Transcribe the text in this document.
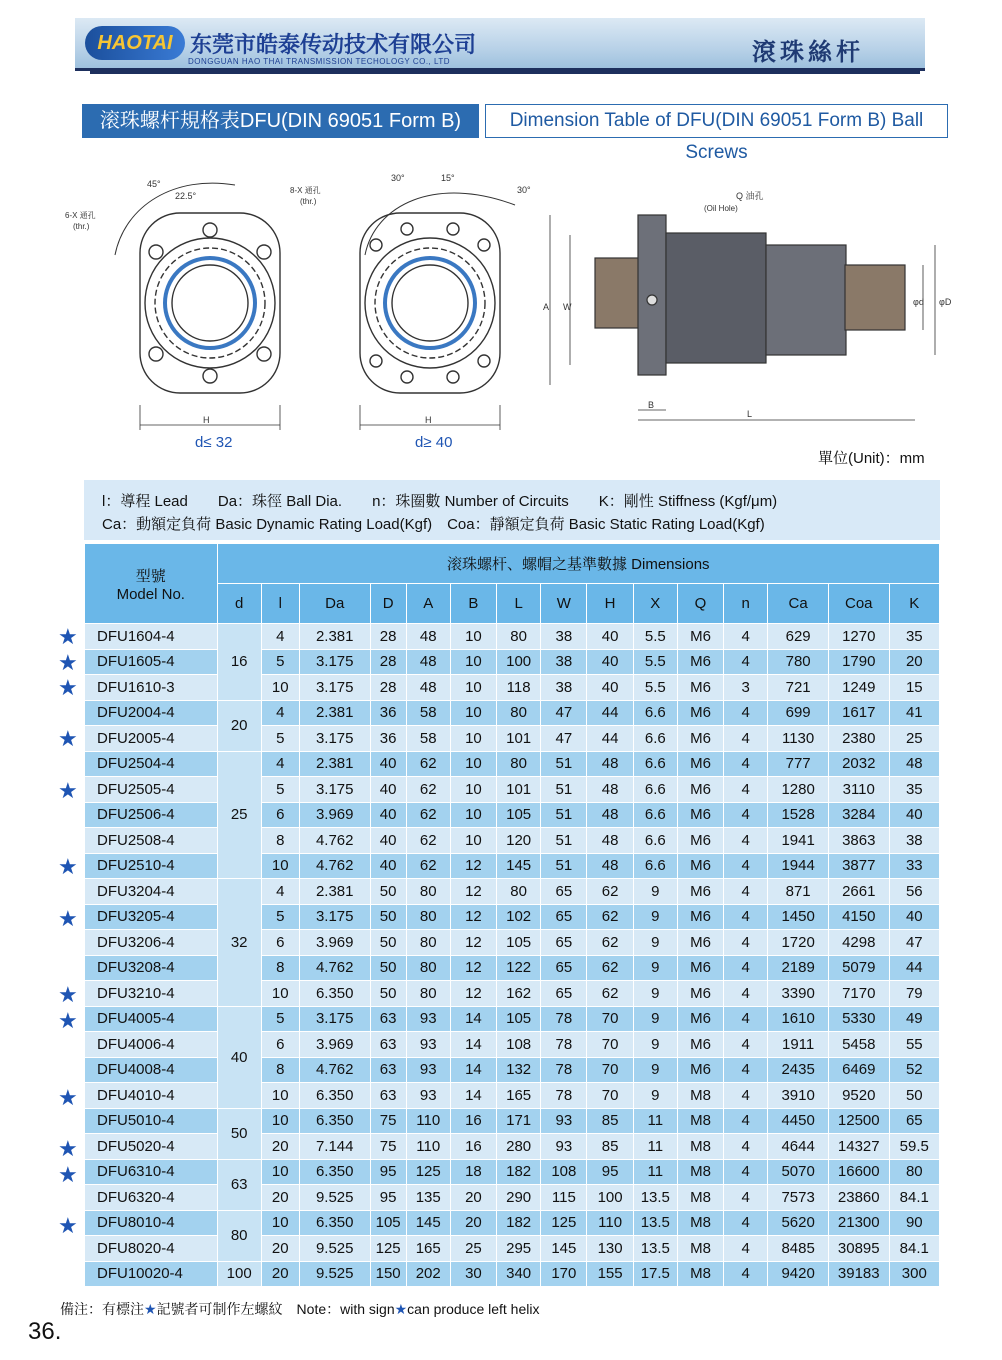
HAOTAI 东莞市皓泰传动技术有限公司
DONGGUAN HAO THAI TRANSMISSION TECHOLOGY CO., LTD	滾珠絲杆
滚珠螺杆規格表DFU(DIN 69051 Form B)	Dimension Table of DFU(DIN 69051 Form B) Ball Screws
6-X 通孔
(thr.)
45°
22.5°
H
d≤ 32
8-X 通孔
(thr.)
30°	15°
30°
H
d≥ 40
Q 油孔
(Oil Hole)
A W	φd φD
B
L
單位(Unit)：mm
l：導程 Lead　　Da：珠徑 Ball Dia.　　n：珠圈數 Number of Circuits　　K：剛性 Stiffness (Kgf/μm)
Ca：動額定負荷 Basic Dynamic Rating Load(Kgf)　Coa：靜額定負荷 Basic Static Rating Load(Kgf)
型號
Model No.	滚珠螺杆、螺帽之基準數據 Dimensions														
	d	l	Da	D	A	B	L	W	H	X	Q	n	Ca	Coa	K
DFU1604-4	16	4	2.381	28	48	10	80	38	40	5.5	M6	4	629	1270	35
DFU1605-4		5	3.175	28	48	10	100	38	40	5.5	M6	4	780	1790	20
DFU1610-3		10	3.175	28	48	10	118	38	40	5.5	M6	3	721	1249	15
DFU2004-4	20	4	2.381	36	58	10	80	47	44	6.6	M6	4	699	1617	41
DFU2005-4		5	3.175	36	58	10	101	47	44	6.6	M6	4	1130	2380	25
DFU2504-4	25	4	2.381	40	62	10	80	51	48	6.6	M6	4	777	2032	48
DFU2505-4		5	3.175	40	62	10	101	51	48	6.6	M6	4	1280	3110	35
DFU2506-4		6	3.969	40	62	10	105	51	48	6.6	M6	4	1528	3284	40
DFU2508-4		8	4.762	40	62	10	120	51	48	6.6	M6	4	1941	3863	38
DFU2510-4		10	4.762	40	62	12	145	51	48	6.6	M6	4	1944	3877	33
DFU3204-4	32	4	2.381	50	80	12	80	65	62	9	M6	4	871	2661	56
DFU3205-4		5	3.175	50	80	12	102	65	62	9	M6	4	1450	4150	40
DFU3206-4		6	3.969	50	80	12	105	65	62	9	M6	4	1720	4298	47
DFU3208-4		8	4.762	50	80	12	122	65	62	9	M6	4	2189	5079	44
DFU3210-4		10	6.350	50	80	12	162	65	62	9	M6	4	3390	7170	79
DFU4005-4	40	5	3.175	63	93	14	105	78	70	9	M6	4	1610	5330	49
DFU4006-4		6	3.969	63	93	14	108	78	70	9	M6	4	1911	5458	55
DFU4008-4		8	4.762	63	93	14	132	78	70	9	M6	4	2435	6469	52
DFU4010-4		10	6.350	63	93	14	165	78	70	9	M8	4	3910	9520	50
DFU5010-4	50	10	6.350	75	110	16	171	93	85	11	M8	4	4450	12500	65
DFU5020-4		20	7.144	75	110	16	280	93	85	11	M8	4	4644	14327	59.5
DFU6310-4	63	10	6.350	95	125	18	182	108	95	11	M8	4	5070	16600	80
DFU6320-4		20	9.525	95	135	20	290	115	100	13.5	M8	4	7573	23860	84.1
DFU8010-4	80	10	6.350	105	145	20	182	125	110	13.5	M8	4	5620	21300	90
DFU8020-4		20	9.525	125	165	25	295	145	130	13.5	M8	4	8485	30895	84.1
DFU10020-4	100	20	9.525	150	202	30	340	170	155	17.5	M8	4	9420	39183	300
★
★
★
★
★
★
★
★
★
★
★
★
★
備注：有標注★記號者可制作左螺紋　Note：with sign★can produce left helix
36.
